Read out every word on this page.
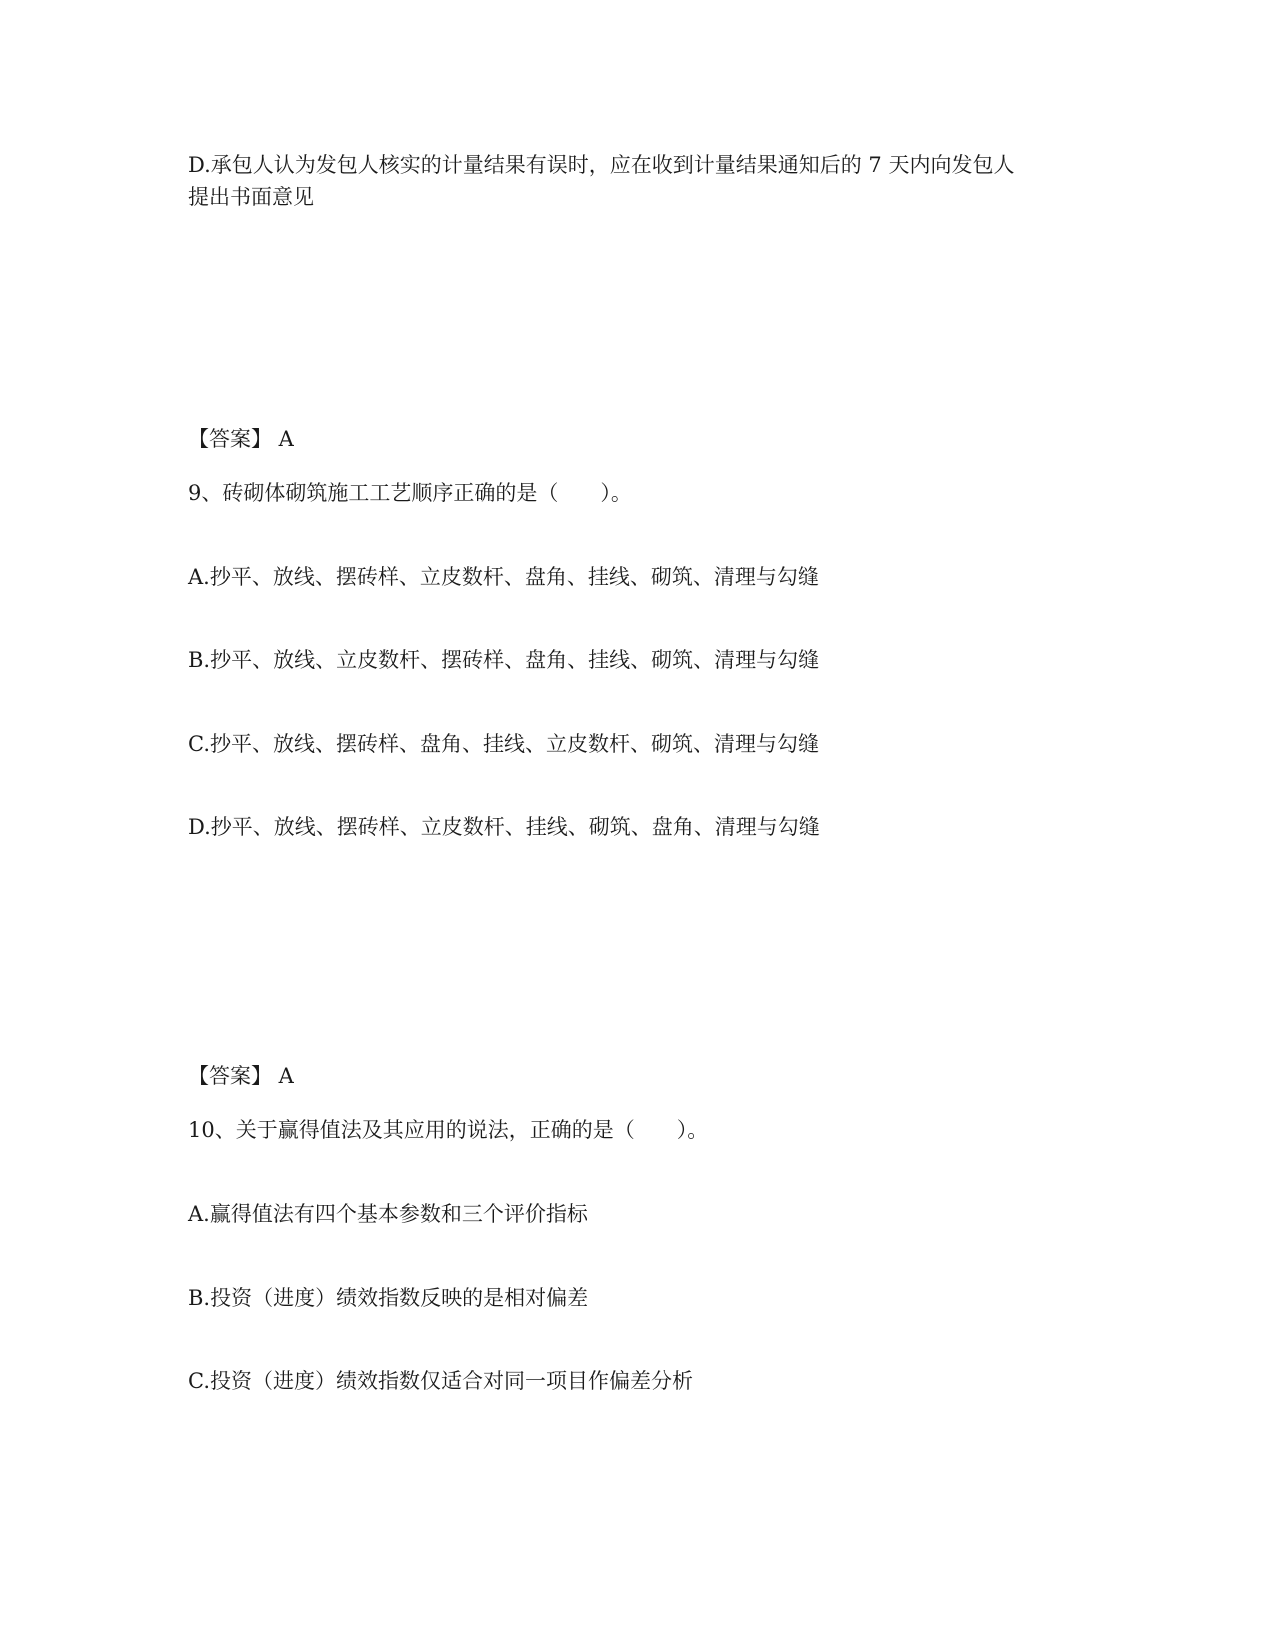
D.承包人认为发包人核实的计量结果有误时，应在收到计量结果通知后的 7 天内向发包人

提出书面意见

【答案】 A

9、砖砌体砌筑施工工艺顺序正确的是（　　）。

A.抄平、放线、摆砖样、立皮数杆、盘角、挂线、砌筑、清理与勾缝

B.抄平、放线、立皮数杆、摆砖样、盘角、挂线、砌筑、清理与勾缝

C.抄平、放线、摆砖样、盘角、挂线、立皮数杆、砌筑、清理与勾缝

D.抄平、放线、摆砖样、立皮数杆、挂线、砌筑、盘角、清理与勾缝

【答案】 A

10、关于赢得值法及其应用的说法，正确的是（　　）。

A.赢得值法有四个基本参数和三个评价指标

B.投资（进度）绩效指数反映的是相对偏差

C.投资（进度）绩效指数仅适合对同一项目作偏差分析
